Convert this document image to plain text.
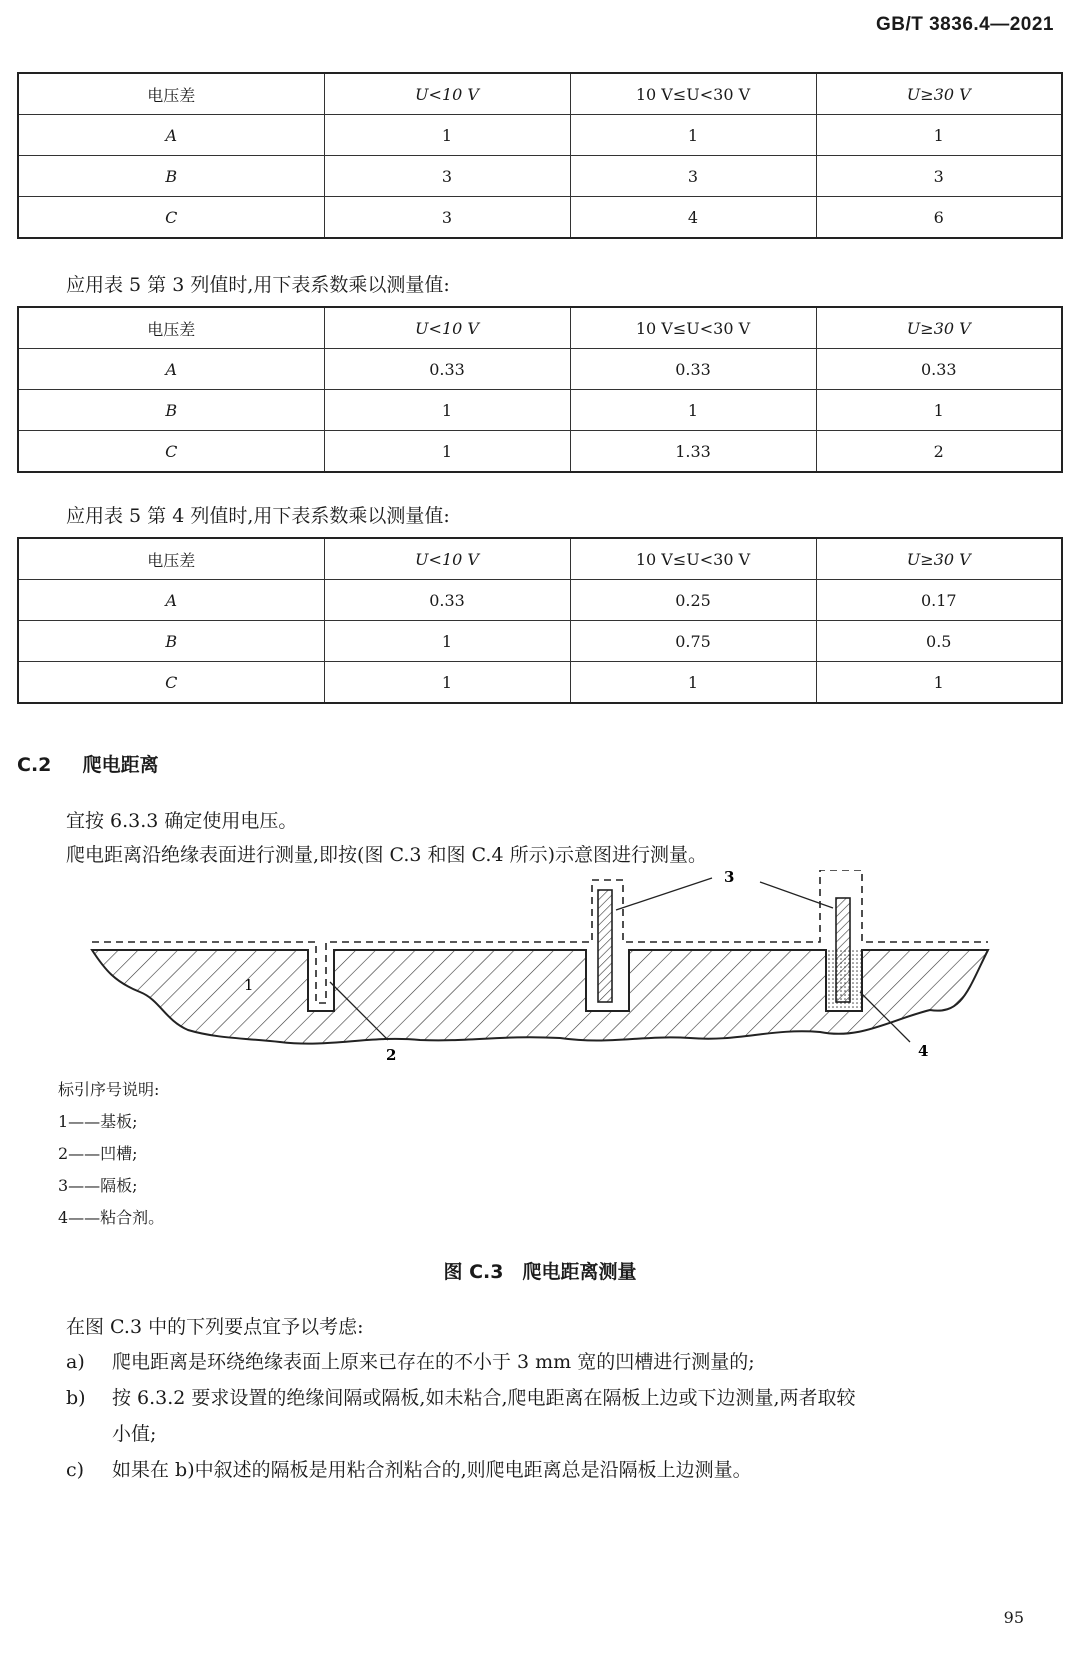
GB/T 3836.4—2021
电压差	U<10 V	10 V≤U<30 V	U≥30 V
A	1	1	1
B	3	3	3
C	3	4	6
应用表 5 第 3 列值时,用下表系数乘以测量值:
电压差	U<10 V	10 V≤U<30 V	U≥30 V
A	0.33	0.33	0.33
B	1	1	1
C	1	1.33	2
应用表 5 第 4 列值时,用下表系数乘以测量值:
电压差	U<10 V	10 V≤U<30 V	U≥30 V
A	0.33	0.25	0.17
B	1	0.75	0.5
C	1	1	1
C.2 爬电距离
宜按 6.3.3 确定使用电压。
爬电距离沿绝缘表面进行测量,即按(图 C.3 和图 C.4 所示)示意图进行测量。
1
2
3
4
标引序号说明:
1——基板;
2——凹槽;
3——隔板;
4——粘合剂。
图 C.3　爬电距离测量
在图 C.3 中的下列要点宜予以考虑:
a) 爬电距离是环绕绝缘表面上原来已存在的不小于 3 mm 宽的凹槽进行测量的;
b) 按 6.3.2 要求设置的绝缘间隔或隔板,如未粘合,爬电距离在隔板上边或下边测量,两者取较
小值;
c) 如果在 b)中叙述的隔板是用粘合剂粘合的,则爬电距离总是沿隔板上边测量。
95
